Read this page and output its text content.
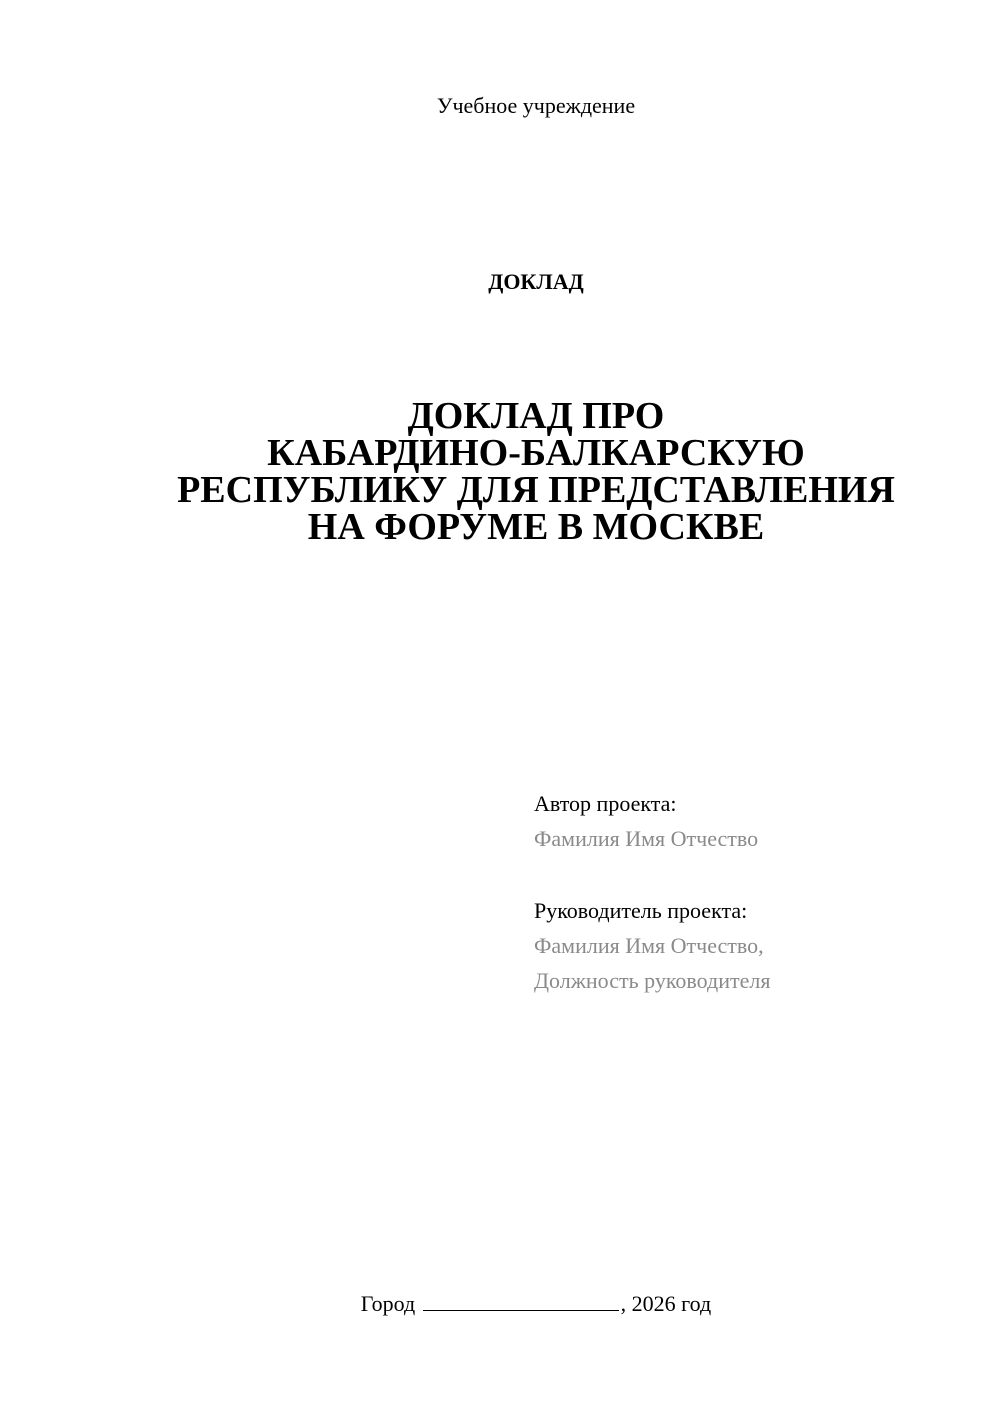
Учебное учреждение
ДОКЛАД
ДОКЛАД ПРО
КАБАРДИНО-БАЛКАРСКУЮ
РЕСПУБЛИКУ ДЛЯ ПРЕДСТАВЛЕНИЯ
НА ФОРУМЕ В МОСКВЕ
Автор проекта:
Фамилия Имя Отчество
Руководитель проекта:
Фамилия Имя Отчество,
Должность руководителя
Город	, 2026 год
